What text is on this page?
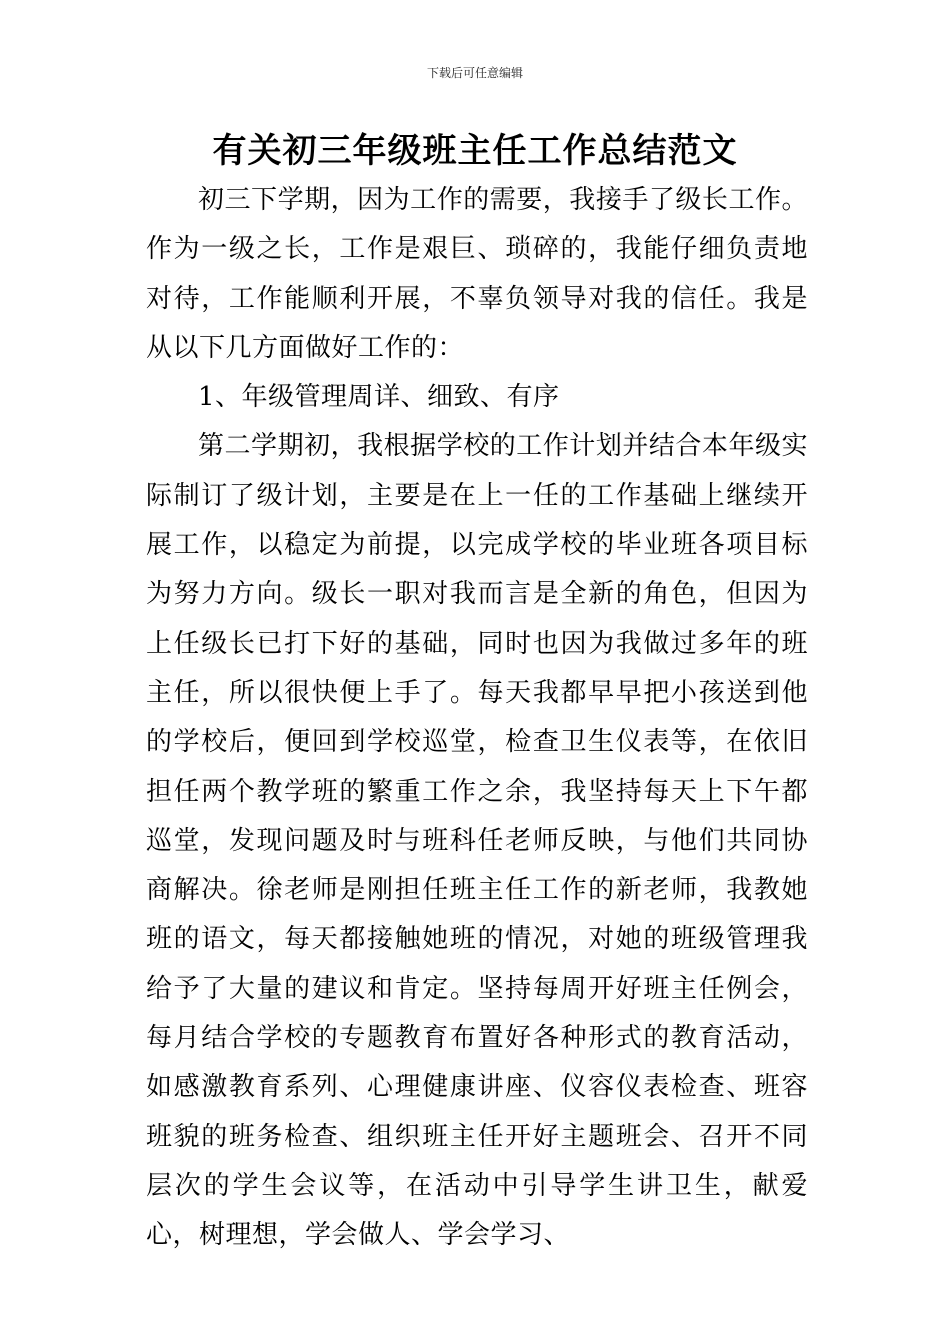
下载后可任意编辑
有关初三年级班主任工作总结范文

初三下学期，因为工作的需要，我接手了级长工作。作为一级之长，工作是艰巨、琐碎的，我能仔细负责地对待，工作能顺利开展，不辜负领导对我的信任。我是从以下几方面做好工作的：

1、年级管理周详、细致、有序

第二学期初，我根据学校的工作计划并结合本年级实际制订了级计划，主要是在上一任的工作基础上继续开展工作，以稳定为前提，以完成学校的毕业班各项目标为努力方向。级长一职对我而言是全新的角色，但因为上任级长已打下好的基础，同时也因为我做过多年的班主任，所以很快便上手了。每天我都早早把小孩送到他的学校后，便回到学校巡堂，检查卫生仪表等，在依旧担任两个教学班的繁重工作之余，我坚持每天上下午都巡堂，发现问题及时与班科任老师反映，与他们共同协商解决。徐老师是刚担任班主任工作的新老师，我教她班的语文，每天都接触她班的情况，对她的班级管理我给予了大量的建议和肯定。坚持每周开好班主任例会，每月结合学校的专题教育布置好各种形式的教育活动，如感激教育系列、心理健康讲座、仪容仪表检查、班容班貌的班务检查、组织班主任开好主题班会、召开不同层次的学生会议等，在活动中引导学生讲卫生，献爱心，树理想，学会做人、学会学习、
